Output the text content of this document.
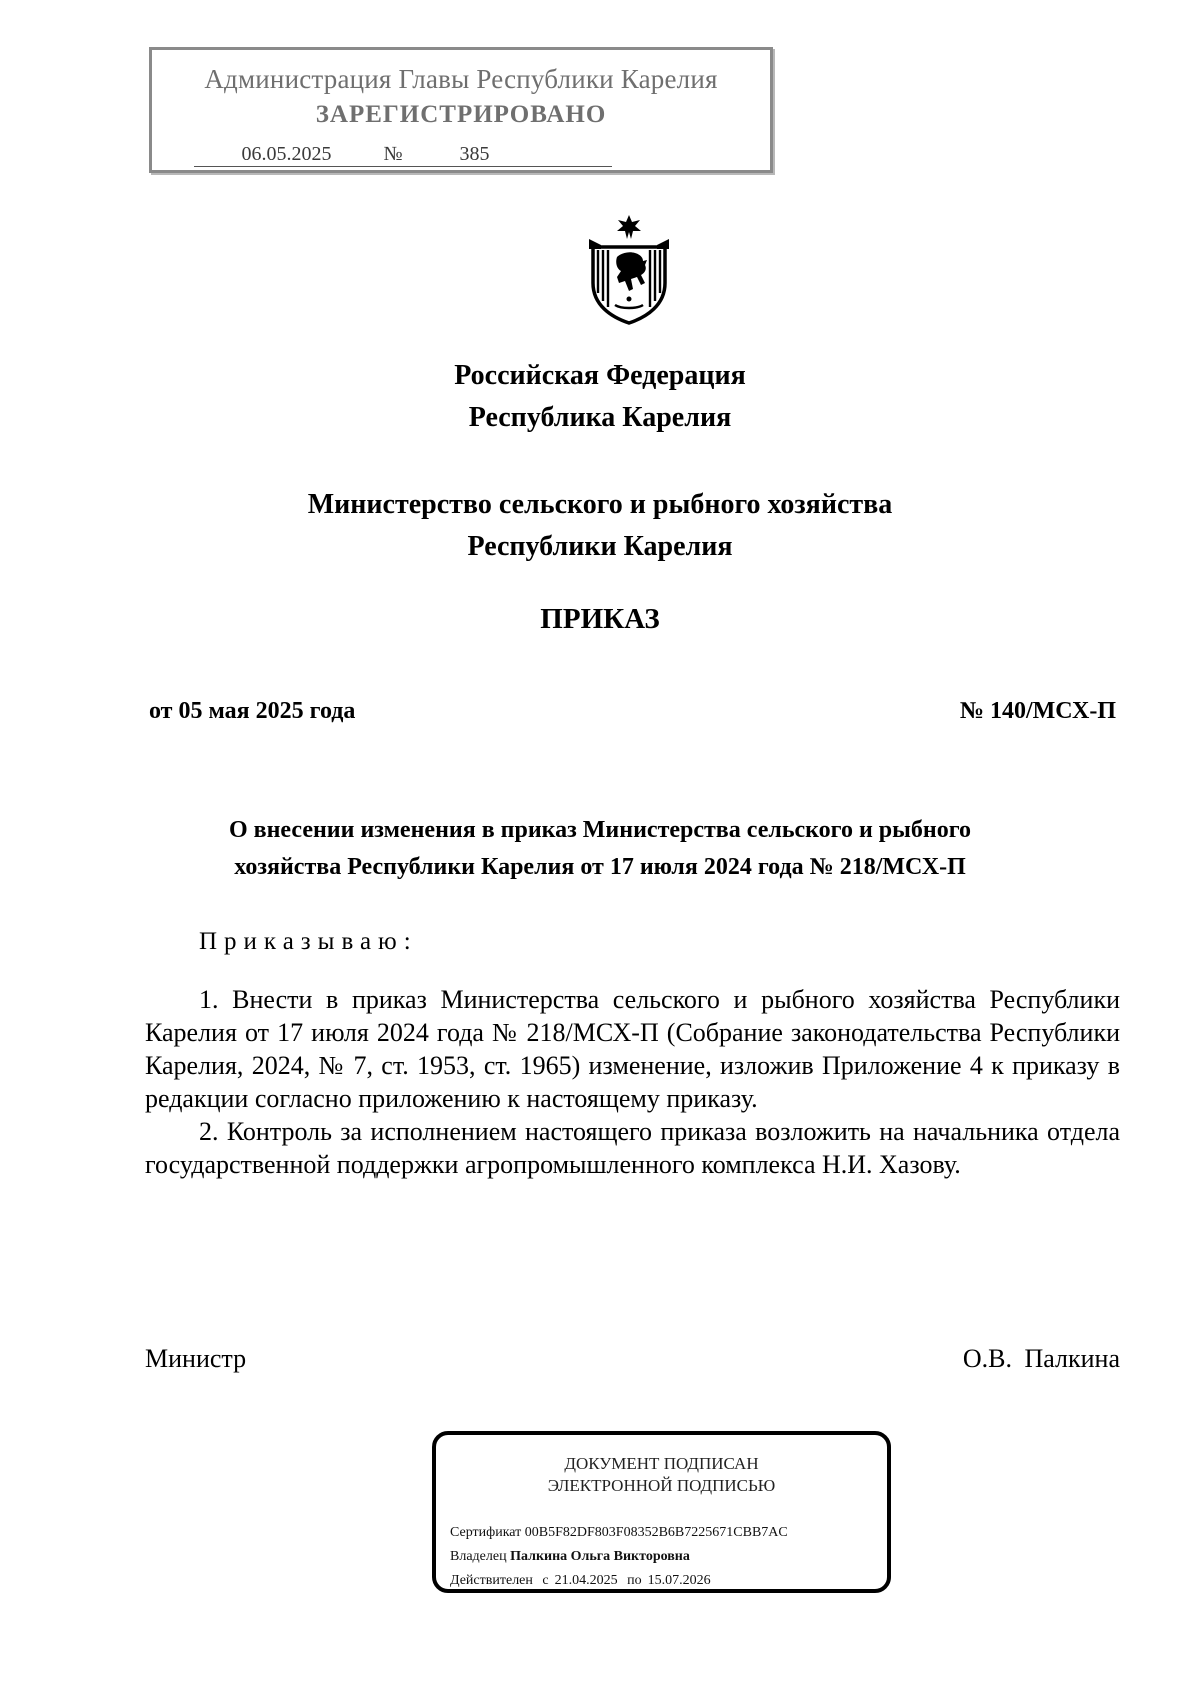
Администрация Главы Республики Карелия
ЗАРЕГИСТРИРОВАНО
06.05.2025	№	385
Российская Федерация
Республика Карелия
Министерство сельского и рыбного хозяйства
Республики Карелия
ПРИКАЗ
от 05 мая 2025 года	№ 140/МСХ-П
О внесении изменения в приказ Министерства сельского и рыбного
хозяйства Республики Карелия от 17 июля 2024 года № 218/МСХ-П
Приказываю:

1. Внести в приказ Министерства сельского и рыбного хозяйства Республики Карелия от 17 июля 2024 года № 218/МСХ-П (Собрание законодательства Республики Карелия, 2024, № 7, ст. 1953, ст. 1965) изменение, изложив Приложение 4 к приказу в редакции согласно приложению к настоящему приказу.

2. Контроль за исполнением настоящего приказа возложить на начальника отдела государственной поддержки агропромышленного комплекса Н.И. Хазову.

Министр	О.В. Палкина
ДОКУМЕНТ ПОДПИСАН
ЭЛЕКТРОННОЙ ПОДПИСЬЮ
Сертификат 00B5F82DF803F08352B6B7225671CBB7AC
Владелец Палкина Ольга Викторовна
Действителен с 21.04.2025 по 15.07.2026
